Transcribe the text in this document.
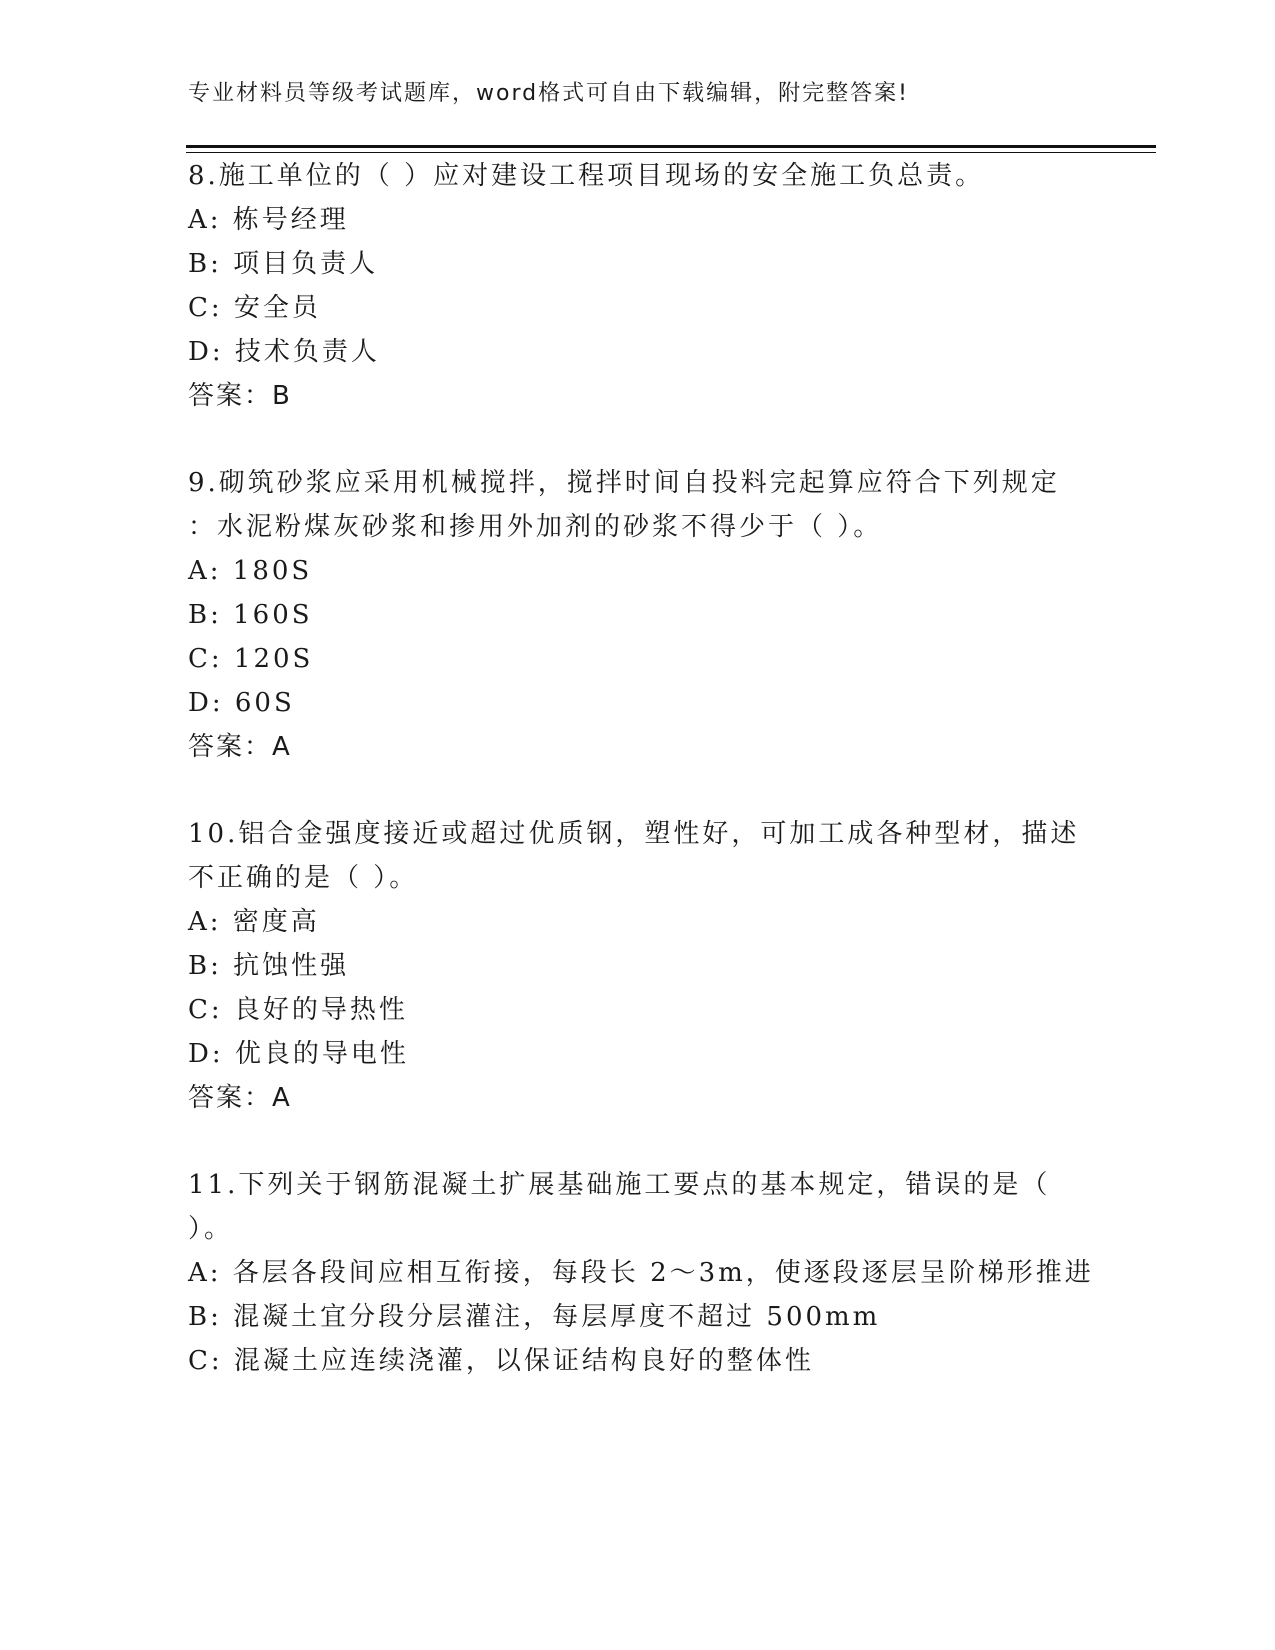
专业材料员等级考试题库，word格式可自由下载编辑，附完整答案!
8.施工单位的（ ）应对建设工程项目现场的安全施工负总责。
A: 栋号经理
B: 项目负责人
C: 安全员
D: 技术负责人
答案：B
9.砌筑砂浆应采用机械搅拌，搅拌时间自投料完起算应符合下列规定
：水泥粉煤灰砂浆和掺用外加剂的砂浆不得少于（ ）。
A: 180S
B: 160S
C: 120S
D: 60S
答案：A
10.铝合金强度接近或超过优质钢，塑性好，可加工成各种型材，描述
不正确的是（ ）。
A: 密度高
B: 抗蚀性强
C: 良好的导热性
D: 优良的导电性
答案：A
11.下列关于钢筋混凝土扩展基础施工要点的基本规定，错误的是（
）。
A: 各层各段间应相互衔接，每段长 2～3m，使逐段逐层呈阶梯形推进
B: 混凝土宜分段分层灌注，每层厚度不超过 500mm
C: 混凝土应连续浇灌，以保证结构良好的整体性
